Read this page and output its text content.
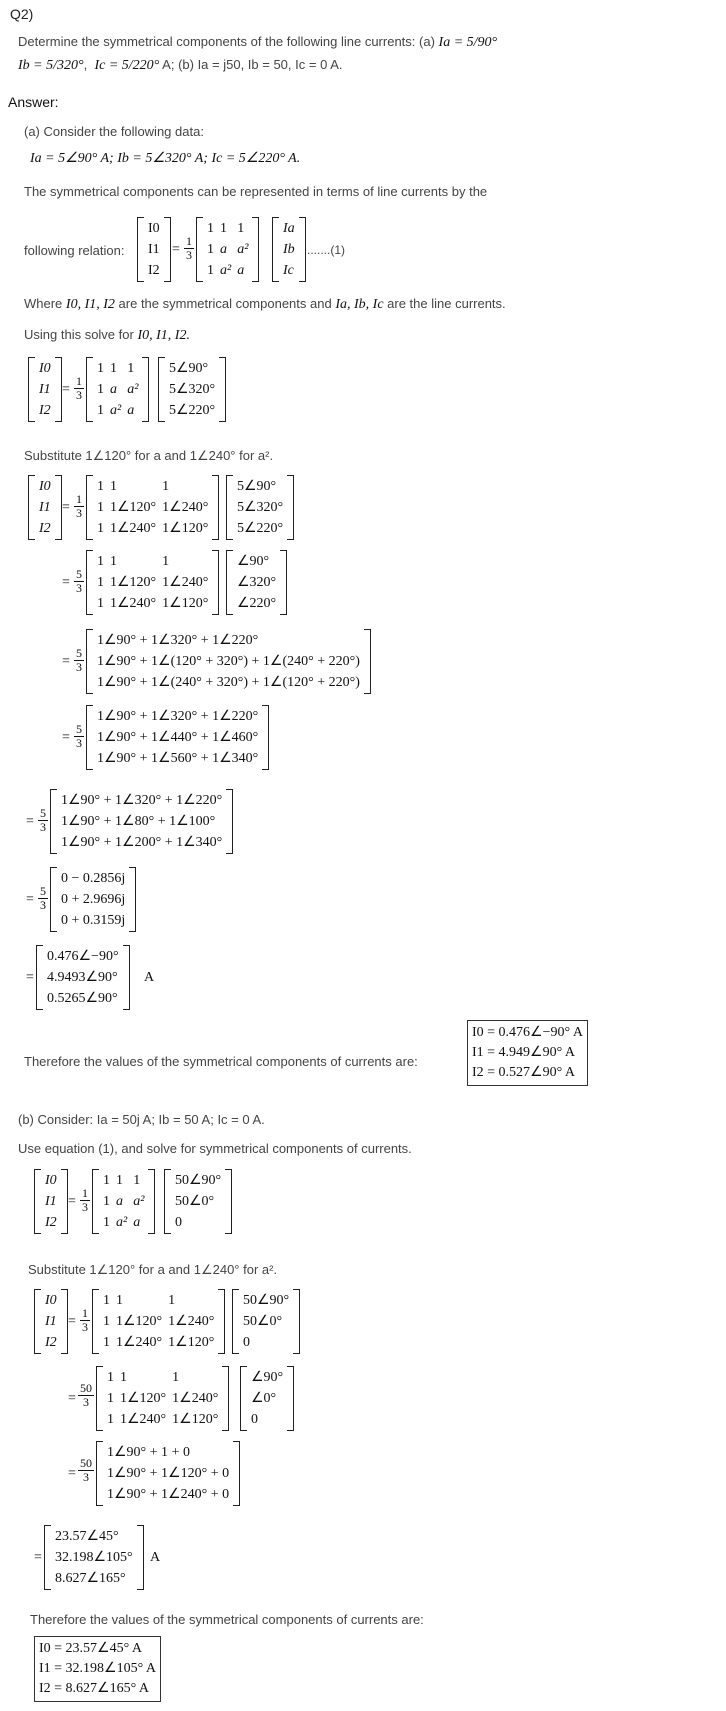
Q2)
Determine the symmetrical components of the following line currents: (a) Ia = 5/90°
Ib = 5/320°,  Ic = 5/220° A; (b) Ia = j50, Ib = 50, Ic = 0 A.
Answer:
(a) Consider the following data:
Ia = 5∠90° A; Ib = 5∠320° A; Ic = 5∠220° A.
The symmetrical components can be represented in terms of line currents by the
following relation:
I0
I1
I2
=
1
3
1	1	1
1	a	a²
1	a²	a
Ia
Ib
Ic
.......(1)
Where I0, I1, I2 are the symmetrical components and Ia, Ib, Ic are the line currents.
Using this solve for I0, I1, I2.
I0
I1
I2
=
1
3
1	1	1
1	a	a²
1	a²	a
5∠90°
5∠320°
5∠220°
Substitute 1∠120° for a and 1∠240° for a².
I0
I1
I2
=
1
3
1	1	1
1	1∠120°	1∠240°
1	1∠240°	1∠120°
5∠90°
5∠320°
5∠220°
=
5
3
1	1	1
1	1∠120°	1∠240°
1	1∠240°	1∠120°
∠90°
∠320°
∠220°
=
5
3
1∠90° + 1∠320° + 1∠220°
1∠90° + 1∠(120° + 320°) + 1∠(240° + 220°)
1∠90° + 1∠(240° + 320°) + 1∠(120° + 220°)
=
5
3
1∠90° + 1∠320° + 1∠220°
1∠90° + 1∠440° + 1∠460°
1∠90° + 1∠560° + 1∠340°
=
5
3
1∠90° + 1∠320° + 1∠220°
1∠90° + 1∠80° + 1∠100°
1∠90° + 1∠200° + 1∠340°
=
5
3
0 − 0.2856j
0 + 2.9696j
0 + 0.3159j
=
0.476∠−90°
4.9493∠90°
0.5265∠90°
A
Therefore the values of the symmetrical components of currents are:
I0 = 0.476∠−90° A
I1 = 4.949∠90° A
I2 = 0.527∠90° A
(b) Consider: Ia = 50j A; Ib = 50 A; Ic = 0 A.
Use equation (1), and solve for symmetrical components of currents.
I0
I1
I2
=
1
3
1	1	1
1	a	a²
1	a²	a
50∠90°
50∠0°
0
Substitute 1∠120° for a and 1∠240° for a².
I0
I1
I2
=
1
3
1	1	1
1	1∠120°	1∠240°
1	1∠240°	1∠120°
50∠90°
50∠0°
0
=
50
3
1	1	1
1	1∠120°	1∠240°
1	1∠240°	1∠120°
∠90°
∠0°
0
=
50
3
1∠90° + 1 + 0
1∠90° + 1∠120° + 0
1∠90° + 1∠240° + 0
=
23.57∠45°
32.198∠105°
8.627∠165°
A
Therefore the values of the symmetrical components of currents are:
I0 = 23.57∠45° A
I1 = 32.198∠105° A
I2 = 8.627∠165° A
